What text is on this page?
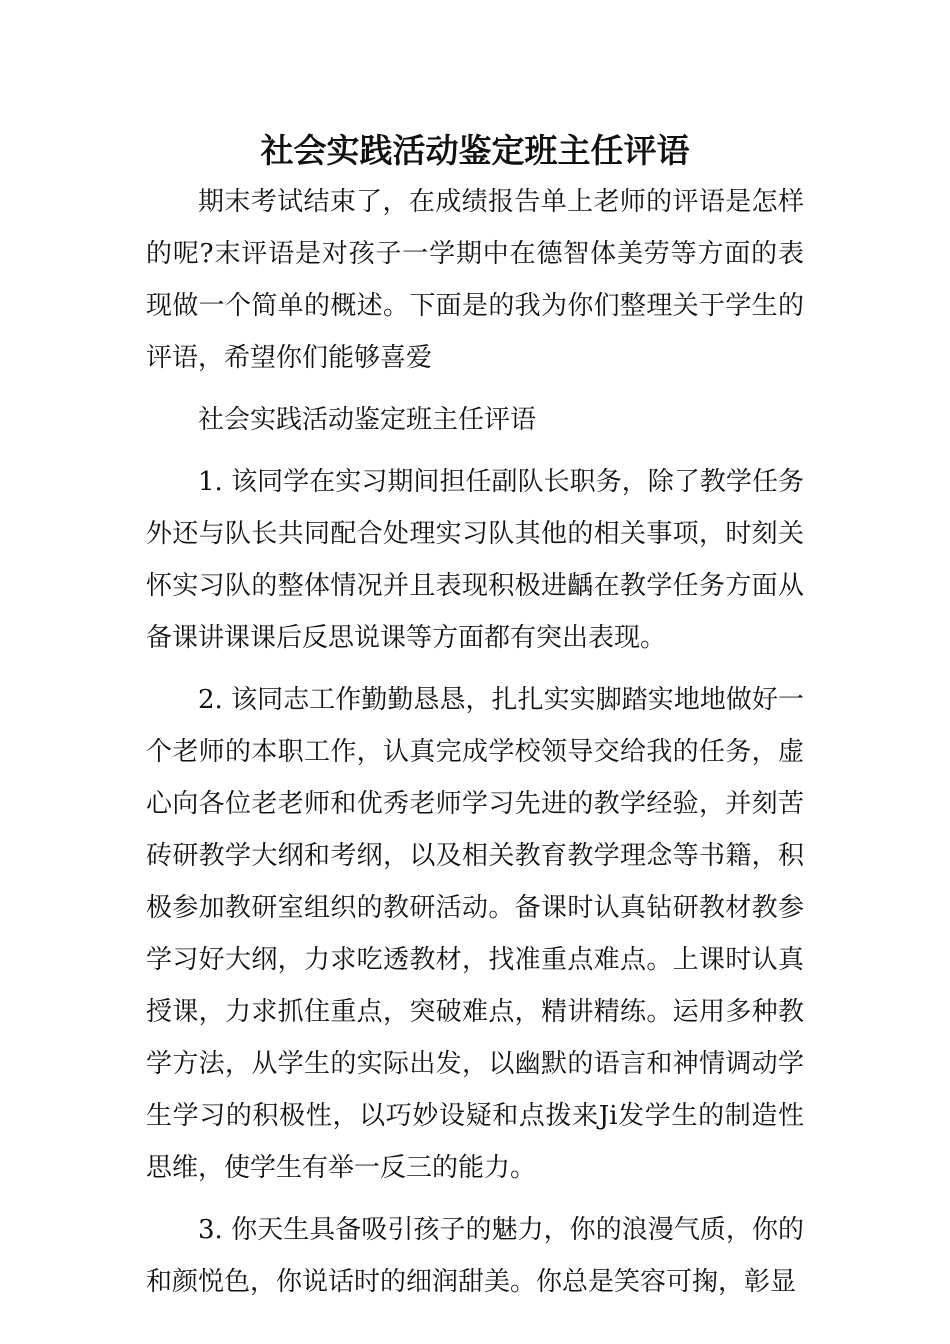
社会实践活动鉴定班主任评语

期末考试结束了，在成绩报告单上老师的评语是怎样的呢?末评语是对孩子一学期中在德智体美劳等方面的表现做一个简单的概述。下面是的我为你们整理关于学生的评语，希望你们能够喜爱

社会实践活动鉴定班主任评语

1. 该同学在实习期间担任副队长职务，除了教学任务外还与队长共同配合处理实习队其他的相关事项，时刻关怀实习队的整体情况并且表现积极进齲在教学任务方面从备课讲课课后反思说课等方面都有突出表现。

2. 该同志工作勤勤恳恳，扎扎实实脚踏实地地做好一个老师的本职工作，认真完成学校领导交给我的任务，虚心向各位老老师和优秀老师学习先进的教学经验，并刻苦砖研教学大纲和考纲，以及相关教育教学理念等书籍，积极参加教研室组织的教研活动。备课时认真钻研教材教参学习好大纲，力求吃透教材，找准重点难点。上课时认真授课，力求抓住重点，突破难点，精讲精练。运用多种教学方法，从学生的实际出发，以幽默的语言和神情调动学生学习的积极性，以巧妙设疑和点拨来Ji发学生的制造性思维，使学生有举一反三的能力。

3. 你天生具备吸引孩子的魅力，你的浪漫气质，你的和颜悦色，你说话时的细润甜美。你总是笑容可掬，彰显
